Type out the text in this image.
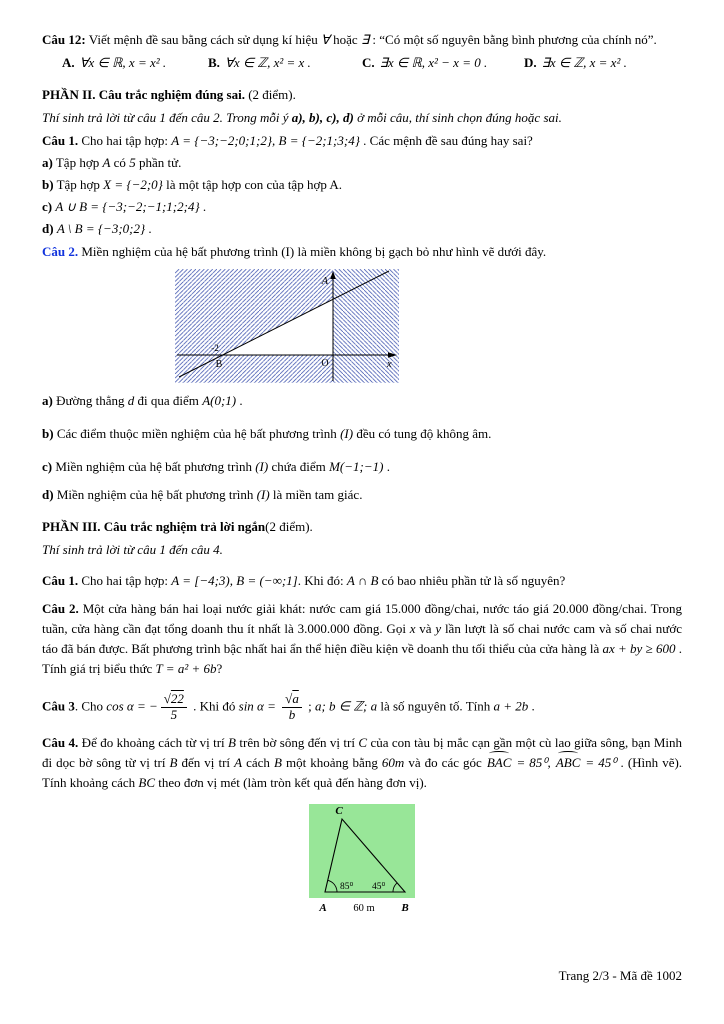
Câu 12: Viết mệnh đề sau bằng cách sử dụng kí hiệu ∀ hoặc ∃ : “Có một số nguyên bằng bình phương của chính nó”.

A. ∀x ∈ ℝ, x = x² .	B. ∀x ∈ ℤ, x² = x .	C. ∃x ∈ ℝ, x² − x = 0 .	D. ∃x ∈ ℤ, x = x² .

PHẦN II. Câu trắc nghiệm đúng sai. (2 điểm).

Thí sinh trả lời từ câu 1 đến câu 2. Trong mỗi ý a), b), c), d) ở mỗi câu, thí sinh chọn đúng hoặc sai.

Câu 1. Cho hai tập hợp: A = {−3;−2;0;1;2}, B = {−2;1;3;4} . Các mệnh đề sau đúng hay sai?

a) Tập hợp A có 5 phần tử.

b) Tập hợp X = {−2;0} là một tập hợp con của tập hợp A.

c) A ∪ B = {−3;−2;−1;1;2;4} .

d) A \ B = {−3;0;2} .

Câu 2. Miền nghiệm của hệ bất phương trình (I) là miền không bị gạch bỏ như hình vẽ dưới đây.

A
-2
B	O	x

a) Đường thẳng d đi qua điểm A(0;1) .

b) Các điểm thuộc miền nghiệm của hệ bất phương trình (I) đều có tung độ không âm.

c) Miền nghiệm của hệ bất phương trình (I) chứa điểm M(−1;−1) .

d) Miền nghiệm của hệ bất phương trình (I) là miền tam giác.

PHẦN III. Câu trắc nghiệm trả lời ngắn(2 điểm).

Thí sinh trả lời từ câu 1 đến câu 4.

Câu 1. Cho hai tập hợp: A = [−4;3), B = (−∞;1]. Khi đó: A ∩ B có bao nhiêu phần tử là số nguyên?

Câu 2. Một cửa hàng bán hai loại nước giải khát: nước cam giá 15.000 đồng/chai, nước táo giá 20.000 đồng/chai. Trong tuần, cửa hàng cần đạt tổng doanh thu ít nhất là 3.000.000 đồng. Gọi x và y lần lượt là số chai nước cam và số chai nước táo đã bán được. Bất phương trình bậc nhất hai ẩn thể hiện điều kiện về doanh thu tối thiểu của cửa hàng là ax + by ≥ 600 . Tính giá trị biểu thức T = a² + 6b?

Câu 3. Cho cos α = − $\frac{√22}{5}$ . Khi đó $\sin \alpha = \frac{√a}{b}$ ; a; b ∈ ℤ; a là số nguyên tố. Tính a + 2b .

Câu 4. Để đo khoảng cách từ vị trí B trên bờ sông đến vị trí C của con tàu bị mắc cạn gần một cù lao giữa sông, bạn Minh đi dọc bờ sông từ vị trí B đến vị trí A cách B một khoảng bằng 60m và đo các góc BAC = 85⁰, ABC = 45⁰ . (Hình vẽ). Tính khoảng cách BC theo đơn vị mét (làm tròn kết quả đến hàng đơn vị).

85⁰ 45⁰
C
A	B
60 m

Trang 2/3 - Mã đề 1002
